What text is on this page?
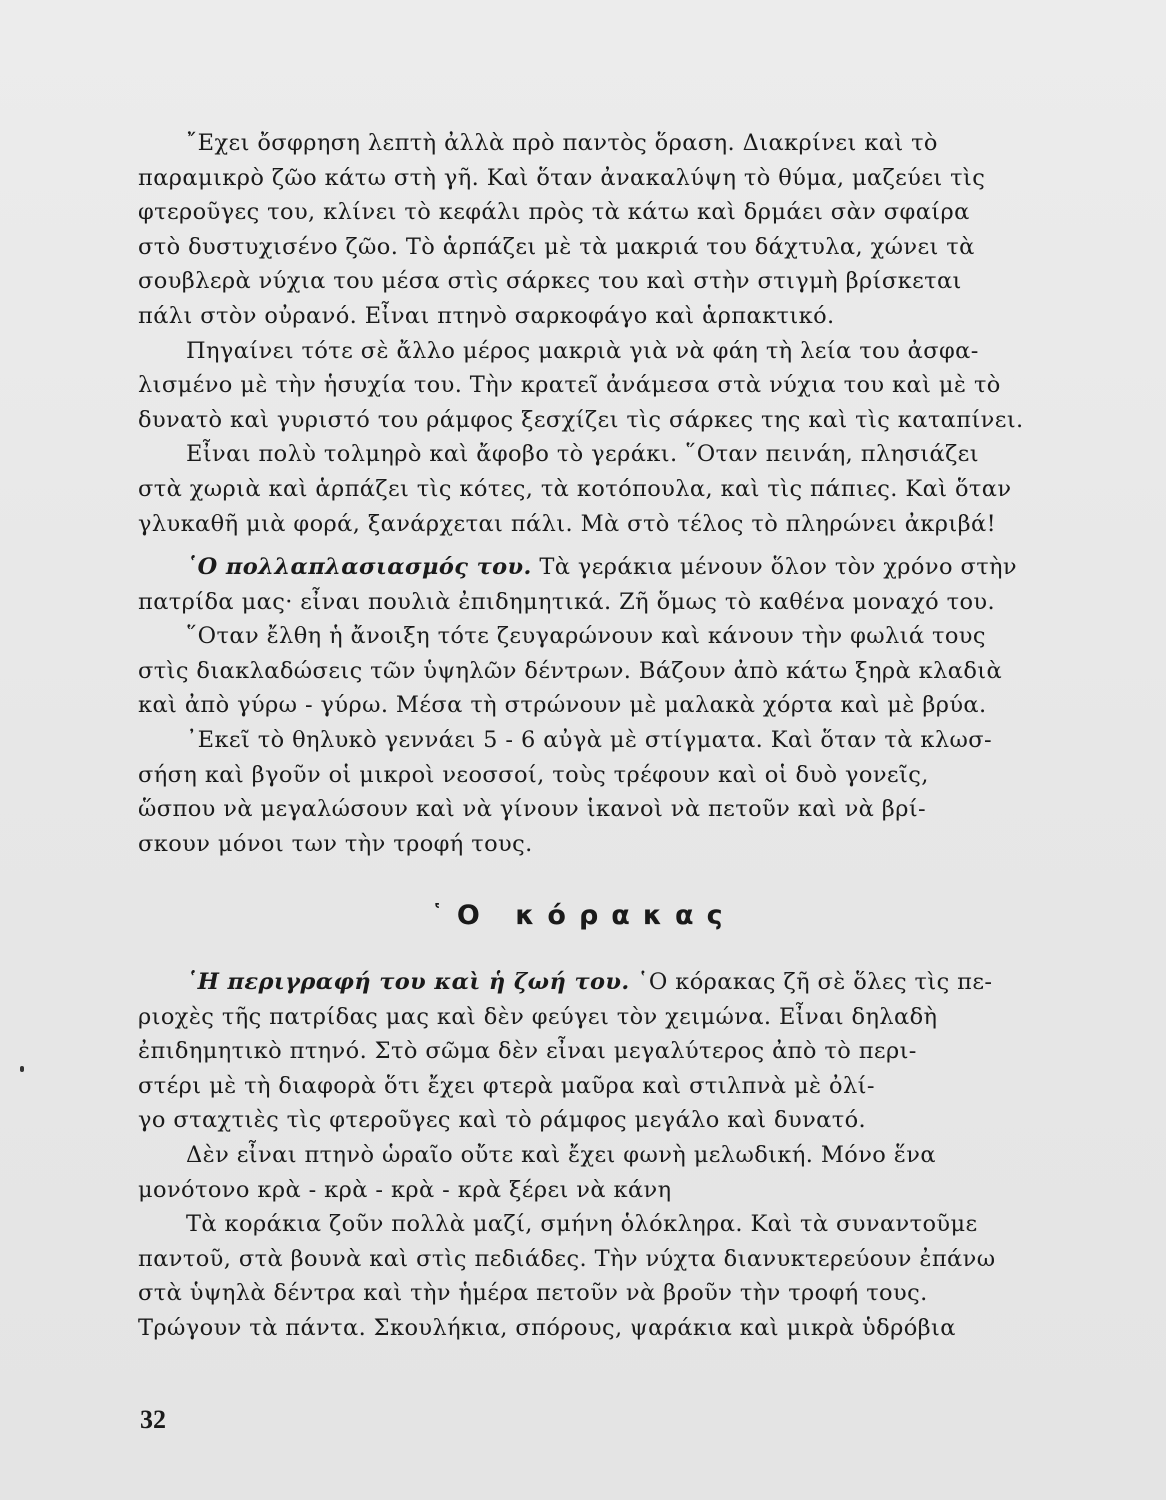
῎Εχει ὄσφρηση λεπτὴ ἀλλὰ πρὸ παντὸς ὅραση. Διακρίνει καὶ τὸ
παραμικρὸ ζῶο κάτω στὴ γῆ. Καὶ ὅταν ἀνακαλύψη τὸ θύμα, μαζεύει τὶς
φτεροῦγες του, κλίνει τὸ κεφάλι πρὸς τὰ κάτω καὶ δρμάει σὰν σφαίρα
στὸ δυστυχισένο ζῶο. Τὸ ἁρπάζει μὲ τὰ μακριά του δάχτυλα, χώνει τὰ
σουβλερὰ νύχια του μέσα στὶς σάρκες του καὶ στὴν στιγμὴ βρίσκεται
πάλι στὸν οὐρανό. Εἶναι πτηνὸ σαρκοφάγο καὶ ἁρπακτικό.
Πηγαίνει τότε σὲ ἄλλο μέρος μακριὰ γιὰ νὰ φάη τὴ λεία του ἀσφα-
λισμένο μὲ τὴν ἡσυχία του. Τὴν κρατεῖ ἀνάμεσα στὰ νύχια του καὶ μὲ τὸ
δυνατὸ καὶ γυριστό του ράμφος ξεσχίζει τὶς σάρκες της καὶ τὶς καταπίνει.
Εἶναι πολὺ τολμηρὸ καὶ ἄφοβο τὸ γεράκι. ῞Οταν πεινάη, πλησιάζει
στὰ χωριὰ καὶ ἁρπάζει τὶς κότες, τὰ κοτόπουλα, καὶ τὶς πάπιες. Καὶ ὅταν
γλυκαθῆ μιὰ φορά, ξανάρχεται πάλι. Μὰ στὸ τέλος τὸ πληρώνει ἀκριβά!
῾Ο πολλαπλασιασμός του. Τὰ γεράκια μένουν ὅλον τὸν χρόνο στὴν
πατρίδα μας· εἶναι πουλιὰ ἐπιδημητικά. Ζῆ ὅμως τὸ καθένα μοναχό του.
῞Οταν ἔλθη ἡ ἄνοιξη τότε ζευγαρώνουν καὶ κάνουν τὴν φωλιά τους
στὶς διακλαδώσεις τῶν ὑψηλῶν δέντρων. Βάζουν ἀπὸ κάτω ξηρὰ κλαδιὰ
καὶ ἀπὸ γύρω - γύρω. Μέσα τὴ στρώνουν μὲ μαλακὰ χόρτα καὶ μὲ βρύα.
᾿Εκεῖ τὸ θηλυκὸ γεννάει 5 - 6 αὐγὰ μὲ στίγματα. Καὶ ὅταν τὰ κλωσ-
σήση καὶ βγοῦν οἱ μικροὶ νεοσσοί, τοὺς τρέφουν καὶ οἱ δυὸ γονεῖς,
ὥσπου νὰ μεγαλώσουν καὶ νὰ γίνουν ἱκανοὶ νὰ πετοῦν καὶ νὰ βρί-
σκουν μόνοι των τὴν τροφή τους.
῾Ο κόρακας
῾Η περιγραφή του καὶ ἡ ζωή του. ῾Ο κόρακας ζῆ σὲ ὅλες τὶς πε-
ριοχὲς τῆς πατρίδας μας καὶ δὲν φεύγει τὸν χειμώνα. Εἶναι δηλαδὴ
ἐπιδημητικὸ πτηνό. Στὸ σῶμα δὲν εἶναι μεγαλύτερος ἀπὸ τὸ περι-
στέρι μὲ τὴ διαφορὰ ὅτι ἔχει φτερὰ μαῦρα καὶ στιλπνὰ μὲ ὀλί-
γο σταχτιὲς τὶς φτεροῦγες καὶ τὸ ράμφος μεγάλο καὶ δυνατό.
Δὲν εἶναι πτηνὸ ὡραῖο οὔτε καὶ ἔχει φωνὴ μελωδική. Μόνο ἕνα
μονότονο κρὰ - κρὰ - κρὰ - κρὰ ξέρει νὰ κάνη
Τὰ κοράκια ζοῦν πολλὰ μαζί, σμήνη ὁλόκληρα. Καὶ τὰ συναντοῦμε
παντοῦ, στὰ βουνὰ καὶ στὶς πεδιάδες. Τὴν νύχτα διανυκτερεύουν ἐπάνω
στὰ ὑψηλὰ δέντρα καὶ τὴν ἡμέρα πετοῦν νὰ βροῦν τὴν τροφή τους.
Τρώγουν τὰ πάντα. Σκουλήκια, σπόρους, ψαράκια καὶ μικρὰ ὑδρόβια
32
